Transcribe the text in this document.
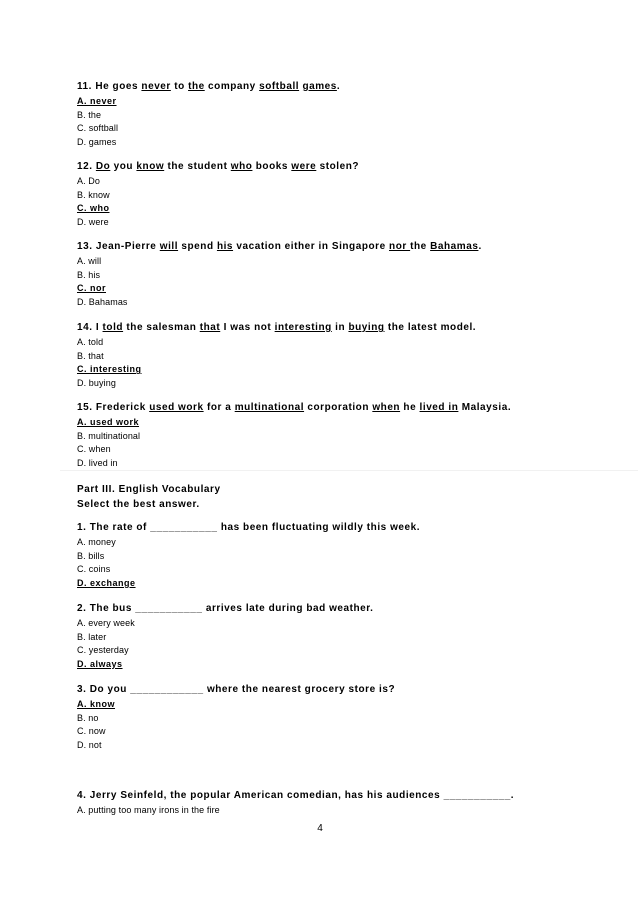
11. He goes never to the company softball games.
A. never
B. the
C. softball
D. games
12. Do you know the student who books were stolen?
A. Do
B. know
C. who
D. were
13. Jean-Pierre will spend his vacation either in Singapore nor the Bahamas.
A. will
B. his
C. nor
D. Bahamas
14. I told the salesman that I was not interesting in buying the latest model.
A. told
B. that
C. interesting
D. buying
15. Frederick used work for a multinational corporation when he lived in Malaysia.
A. used work
B. multinational
C. when
D. lived in
Part III. English Vocabulary
Select the best answer.
1. The rate of ___________ has been fluctuating wildly this week.
A. money
B. bills
C. coins
D. exchange
2. The bus ___________ arrives late during bad weather.
A. every week
B. later
C. yesterday
D. always
3. Do you ____________ where the nearest grocery store is?
A. know
B. no
C. now
D. not
4. Jerry Seinfeld, the popular American comedian, has his audiences ___________.
A. putting too many irons in the fire
4
